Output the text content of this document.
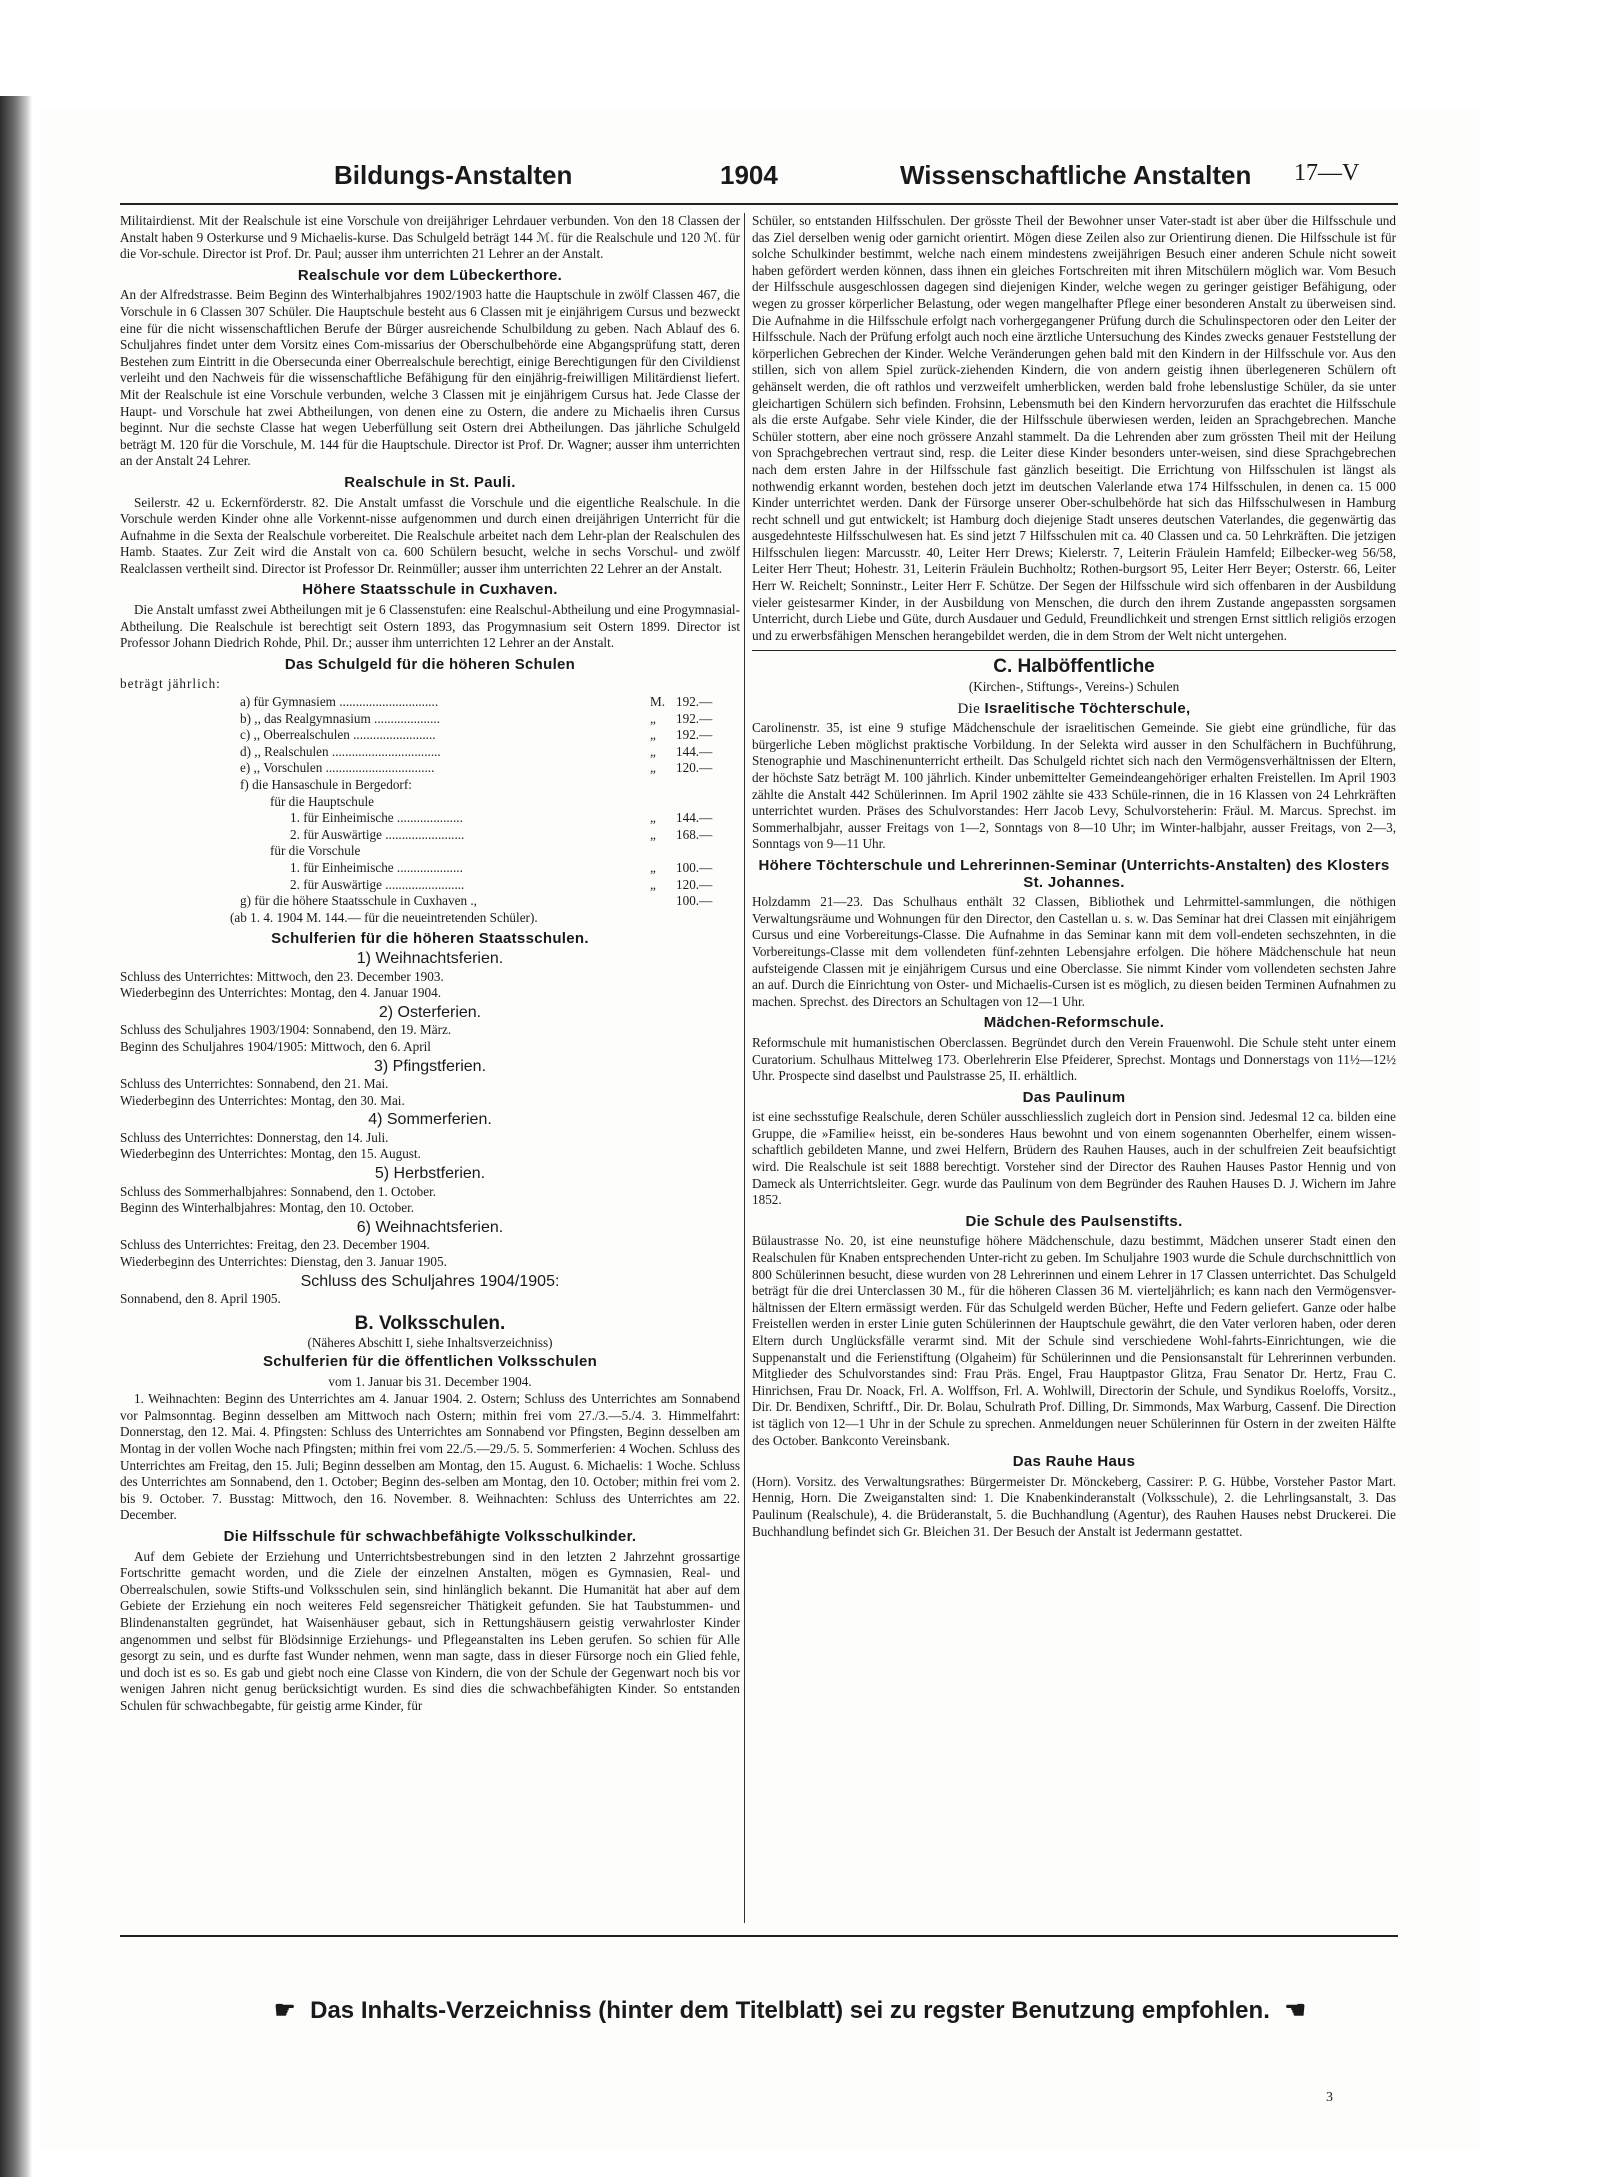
Bildungs-Anstalten	1904	Wissenschaftliche Anstalten 17—V

Militairdienst. Mit der Realschule ist eine Vorschule von dreijähriger Lehrdauer verbunden. Von den 18 Classen der Anstalt haben 9 Osterkurse und 9 Michaelis-kurse. Das Schulgeld beträgt 144 ℳ. für die Realschule und 120 ℳ. für die Vor-schule. Director ist Prof. Dr. Paul; ausser ihm unterrichten 21 Lehrer an der Anstalt.

Realschule vor dem Lübeckerthore.

An der Alfredstrasse. Beim Beginn des Winterhalbjahres 1902/1903 hatte die Hauptschule in zwölf Classen 467, die Vorschule in 6 Classen 307 Schüler. Die Hauptschule besteht aus 6 Classen mit je einjährigem Cursus und bezweckt eine für die nicht wissenschaftlichen Berufe der Bürger ausreichende Schulbildung zu geben. Nach Ablauf des 6. Schuljahres findet unter dem Vorsitz eines Com-missarius der Oberschulbehörde eine Abgangsprüfung statt, deren Bestehen zum Eintritt in die Obersecunda einer Oberrealschule berechtigt, einige Berechtigungen für den Civildienst verleiht und den Nachweis für die wissenschaftliche Befähigung für den einjährig-freiwilligen Militärdienst liefert. Mit der Realschule ist eine Vorschule verbunden, welche 3 Classen mit je einjährigem Cursus hat. Jede Classe der Haupt- und Vorschule hat zwei Abtheilungen, von denen eine zu Ostern, die andere zu Michaelis ihren Cursus beginnt. Nur die sechste Classe hat wegen Ueberfüllung seit Ostern drei Abtheilungen. Das jährliche Schulgeld beträgt M. 120 für die Vorschule, M. 144 für die Hauptschule. Director ist Prof. Dr. Wagner; ausser ihm unterrichten an der Anstalt 24 Lehrer.

Realschule in St. Pauli.

Seilerstr. 42 u. Eckernförderstr. 82. Die Anstalt umfasst die Vorschule und die eigentliche Realschule. In die Vorschule werden Kinder ohne alle Vorkennt-nisse aufgenommen und durch einen dreijährigen Unterricht für die Aufnahme in die Sexta der Realschule vorbereitet. Die Realschule arbeitet nach dem Lehr-plan der Realschulen des Hamb. Staates. Zur Zeit wird die Anstalt von ca. 600 Schülern besucht, welche in sechs Vorschul- und zwölf Realclassen vertheilt sind. Director ist Professor Dr. Reinmüller; ausser ihm unterrichten 22 Lehrer an der Anstalt.

Höhere Staatsschule in Cuxhaven.

Die Anstalt umfasst zwei Abtheilungen mit je 6 Classenstufen: eine Realschul-Abtheilung und eine Progymnasial-Abtheilung. Die Realschule ist berechtigt seit Ostern 1893, das Progymnasium seit Ostern 1899. Director ist Professor Johann Diedrich Rohde, Phil. Dr.; ausser ihm unterrichten 12 Lehrer an der Anstalt.

Das Schulgeld für die höheren Schulen
beträgt jährlich:
a) für Gymnasiem ..............................	M. 192.—
b) ,, das Realgymnasium ....................	„	192.—
c) ,, Oberrealschulen .........................	„	192.—
d) ,, Realschulen .................................	„	144.—
e) ,, Vorschulen .................................	„	120.—
f) die Hansaschule in Bergedorf:
für die Hauptschule
1. für Einheimische ....................	„	144.—
2. für Auswärtige ........................	„	168.—
für die Vorschule
1. für Einheimische ....................	„	100.—
2. für Auswärtige ........................	„	120.—
g) für die höhere Staatsschule in Cuxhaven .,	100.—
(ab 1. 4. 1904 M. 144.— für die neueintretenden Schüler).
Schulferien für die höheren Staatsschulen.
1) Weihnachtsferien.
Schluss des Unterrichtes: Mittwoch, den 23. December 1903.
Wiederbeginn des Unterrichtes: Montag, den 4. Januar 1904.
2) Osterferien.
Schluss des Schuljahres 1903/1904: Sonnabend, den 19. März.
Beginn des Schuljahres 1904/1905: Mittwoch, den 6. April
3) Pfingstferien.
Schluss des Unterrichtes: Sonnabend, den 21. Mai.
Wiederbeginn des Unterrichtes: Montag, den 30. Mai.
4) Sommerferien.
Schluss des Unterrichtes: Donnerstag, den 14. Juli.
Wiederbeginn des Unterrichtes: Montag, den 15. August.
5) Herbstferien.
Schluss des Sommerhalbjahres: Sonnabend, den 1. October.
Beginn des Winterhalbjahres: Montag, den 10. October.
6) Weihnachtsferien.
Schluss des Unterrichtes: Freitag, den 23. December 1904.
Wiederbeginn des Unterrichtes: Dienstag, den 3. Januar 1905.
Schluss des Schuljahres 1904/1905:
Sonnabend, den 8. April 1905.
B. Volksschulen.
(Näheres Abschitt I, siehe Inhaltsverzeichniss)
Schulferien für die öffentlichen Volksschulen
vom 1. Januar bis 31. December 1904.

1. Weihnachten: Beginn des Unterrichtes am 4. Januar 1904. 2. Ostern; Schluss des Unterrichtes am Sonnabend vor Palmsonntag. Beginn desselben am Mittwoch nach Ostern; mithin frei vom 27./3.—5./4. 3. Himmelfahrt: Donnerstag, den 12. Mai. 4. Pfingsten: Schluss des Unterrichtes am Sonnabend vor Pfingsten, Beginn desselben am Montag in der vollen Woche nach Pfingsten; mithin frei vom 22./5.—29./5. 5. Sommerferien: 4 Wochen. Schluss des Unterrichtes am Freitag, den 15. Juli; Beginn desselben am Montag, den 15. August. 6. Michaelis: 1 Woche. Schluss des Unterrichtes am Sonnabend, den 1. October; Beginn des-selben am Montag, den 10. October; mithin frei vom 2. bis 9. October. 7. Busstag: Mittwoch, den 16. November. 8. Weihnachten: Schluss des Unterrichtes am 22. December.

Die Hilfsschule für schwachbefähigte Volksschulkinder.

Auf dem Gebiete der Erziehung und Unterrichtsbestrebungen sind in den letzten 2 Jahrzehnt grossartige Fortschritte gemacht worden, und die Ziele der einzelnen Anstalten, mögen es Gymnasien, Real- und Oberrealschulen, sowie Stifts-und Volksschulen sein, sind hinlänglich bekannt. Die Humanität hat aber auf dem Gebiete der Erziehung ein noch weiteres Feld segensreicher Thätigkeit gefunden. Sie hat Taubstummen- und Blindenanstalten gegründet, hat Waisenhäuser gebaut, sich in Rettungshäusern geistig verwahrloster Kinder angenommen und selbst für Blödsinnige Erziehungs- und Pflegeanstalten ins Leben gerufen. So schien für Alle gesorgt zu sein, und es durfte fast Wunder nehmen, wenn man sagte, dass in dieser Fürsorge noch ein Glied fehle, und doch ist es so. Es gab und giebt noch eine Classe von Kindern, die von der Schule der Gegenwart noch bis vor wenigen Jahren nicht genug berücksichtigt wurden. Es sind dies die schwachbefähigten Kinder. So entstanden Schulen für schwachbegabte, für geistig arme Kinder, für

Schüler, so entstanden Hilfsschulen. Der grösste Theil der Bewohner unser Vater-stadt ist aber über die Hilfsschule und das Ziel derselben wenig oder garnicht orientirt. Mögen diese Zeilen also zur Orientirung dienen. Die Hilfsschule ist für solche Schulkinder bestimmt, welche nach einem mindestens zweijährigen Besuch einer anderen Schule nicht soweit haben gefördert werden können, dass ihnen ein gleiches Fortschreiten mit ihren Mitschülern möglich war. Vom Besuch der Hilfsschule ausgeschlossen dagegen sind diejenigen Kinder, welche wegen zu geringer geistiger Befähigung, oder wegen zu grosser körperlicher Belastung, oder wegen mangelhafter Pflege einer besonderen Anstalt zu überweisen sind. Die Aufnahme in die Hilfsschule erfolgt nach vorhergegangener Prüfung durch die Schulinspectoren oder den Leiter der Hilfsschule. Nach der Prüfung erfolgt auch noch eine ärztliche Untersuchung des Kindes zwecks genauer Feststellung der körperlichen Gebrechen der Kinder. Welche Veränderungen gehen bald mit den Kindern in der Hilfsschule vor. Aus den stillen, sich von allem Spiel zurück-ziehenden Kindern, die von andern geistig ihnen überlegeneren Schülern oft gehänselt werden, die oft rathlos und verzweifelt umherblicken, werden bald frohe lebenslustige Schüler, da sie unter gleichartigen Schülern sich befinden. Frohsinn, Lebensmuth bei den Kindern hervorzurufen das erachtet die Hilfsschule als die erste Aufgabe. Sehr viele Kinder, die der Hilfsschule überwiesen werden, leiden an Sprachgebrechen. Manche Schüler stottern, aber eine noch grössere Anzahl stammelt. Da die Lehrenden aber zum grössten Theil mit der Heilung von Sprachgebrechen vertraut sind, resp. die Leiter diese Kinder besonders unter-weisen, sind diese Sprachgebrechen nach dem ersten Jahre in der Hilfsschule fast gänzlich beseitigt. Die Errichtung von Hilfsschulen ist längst als nothwendig erkannt worden, bestehen doch jetzt im deutschen Valerlande etwa 174 Hilfsschulen, in denen ca. 15 000 Kinder unterrichtet werden. Dank der Fürsorge unserer Ober-schulbehörde hat sich das Hilfsschulwesen in Hamburg recht schnell und gut entwickelt; ist Hamburg doch diejenige Stadt unseres deutschen Vaterlandes, die gegenwärtig das ausgedehnteste Hilfsschulwesen hat. Es sind jetzt 7 Hilfsschulen mit ca. 40 Classen und ca. 50 Lehrkräften. Die jetzigen Hilfsschulen liegen: Marcusstr. 40, Leiter Herr Drews; Kielerstr. 7, Leiterin Fräulein Hamfeld; Eilbecker-weg 56/58, Leiter Herr Theut; Hohestr. 31, Leiterin Fräulein Buchholtz; Rothen-burgsort 95, Leiter Herr Beyer; Osterstr. 66, Leiter Herr W. Reichelt; Sonninstr., Leiter Herr F. Schütze. Der Segen der Hilfsschule wird sich offenbaren in der Ausbildung vieler geistesarmer Kinder, in der Ausbildung von Menschen, die durch den ihrem Zustande angepassten sorgsamen Unterricht, durch Liebe und Güte, durch Ausdauer und Geduld, Freundlichkeit und strengen Ernst sittlich religiös erzogen und zu erwerbsfähigen Menschen herangebildet werden, die in dem Strom der Welt nicht untergehen.

C. Halböffentliche
(Kirchen-, Stiftungs-, Vereins-) Schulen
Die Israelitische Töchterschule,

Carolinenstr. 35, ist eine 9 stufige Mädchenschule der israelitischen Gemeinde. Sie giebt eine gründliche, für das bürgerliche Leben möglichst praktische Vorbildung. In der Selekta wird ausser in den Schulfächern in Buchführung, Stenographie und Maschinenunterricht ertheilt. Das Schulgeld richtet sich nach den Vermögensverhältnissen der Eltern, der höchste Satz beträgt M. 100 jährlich. Kinder unbemittelter Gemeindeangehöriger erhalten Freistellen. Im April 1903 zählte die Anstalt 442 Schülerinnen. Im April 1902 zählte sie 433 Schüle-rinnen, die in 16 Klassen von 24 Lehrkräften unterrichtet wurden. Präses des Schulvorstandes: Herr Jacob Levy, Schulvorsteherin: Fräul. M. Marcus. Sprechst. im Sommerhalbjahr, ausser Freitags von 1—2, Sonntags von 8—10 Uhr; im Winter-halbjahr, ausser Freitags, von 2—3, Sonntags von 9—11 Uhr.

Höhere Töchterschule und Lehrerinnen-Seminar (Unterrichts-Anstalten) des Klosters St. Johannes.

Holzdamm 21—23. Das Schulhaus enthält 32 Classen, Bibliothek und Lehrmittel-sammlungen, die nöthigen Verwaltungsräume und Wohnungen für den Director, den Castellan u. s. w. Das Seminar hat drei Classen mit einjährigem Cursus und eine Vorbereitungs-Classe. Die Aufnahme in das Seminar kann mit dem voll-endeten sechszehnten, in die Vorbereitungs-Classe mit dem vollendeten fünf-zehnten Lebensjahre erfolgen. Die höhere Mädchenschule hat neun aufsteigende Classen mit je einjährigem Cursus und eine Oberclasse. Sie nimmt Kinder vom vollendeten sechsten Jahre an auf. Durch die Einrichtung von Oster- und Michaelis-Cursen ist es möglich, zu diesen beiden Terminen Aufnahmen zu machen. Sprechst. des Directors an Schultagen von 12—1 Uhr.

Mädchen-Reformschule.

Reformschule mit humanistischen Oberclassen. Begründet durch den Verein Frauenwohl. Die Schule steht unter einem Curatorium. Schulhaus Mittelweg 173. Oberlehrerin Else Pfeiderer, Sprechst. Montags und Donnerstags von 11½—12½ Uhr. Prospecte sind daselbst und Paulstrasse 25, II. erhältlich.

Das Paulinum

ist eine sechsstufige Realschule, deren Schüler ausschliesslich zugleich dort in Pension sind. Jedesmal 12 ca. bilden eine Gruppe, die »Familie« heisst, ein be-sonderes Haus bewohnt und von einem sogenannten Oberhelfer, einem wissen-schaftlich gebildeten Manne, und zwei Helfern, Brüdern des Rauhen Hauses, auch in der schulfreien Zeit beaufsichtigt wird. Die Realschule ist seit 1888 berechtigt. Vorsteher sind der Director des Rauhen Hauses Pastor Hennig und von Dameck als Unterrichtsleiter. Gegr. wurde das Paulinum von dem Begründer des Rauhen Hauses D. J. Wichern im Jahre 1852.

Die Schule des Paulsenstifts.

Bülaustrasse No. 20, ist eine neunstufige höhere Mädchenschule, dazu bestimmt, Mädchen unserer Stadt einen den Realschulen für Knaben entsprechenden Unter-richt zu geben. Im Schuljahre 1903 wurde die Schule durchschnittlich von 800 Schülerinnen besucht, diese wurden von 28 Lehrerinnen und einem Lehrer in 17 Classen unterrichtet. Das Schulgeld beträgt für die drei Unterclassen 30 M., für die höheren Classen 36 M. vierteljährlich; es kann nach den Vermögensver-hältnissen der Eltern ermässigt werden. Für das Schulgeld werden Bücher, Hefte und Federn geliefert. Ganze oder halbe Freistellen werden in erster Linie guten Schülerinnen der Hauptschule gewährt, die den Vater verloren haben, oder deren Eltern durch Unglücksfälle verarmt sind. Mit der Schule sind verschiedene Wohl-fahrts-Einrichtungen, wie die Suppenanstalt und die Ferienstiftung (Olgaheim) für Schülerinnen und die Pensionsanstalt für Lehrerinnen verbunden. Mitglieder des Schulvorstandes sind: Frau Präs. Engel, Frau Hauptpastor Glitza, Frau Senator Dr. Hertz, Frau C. Hinrichsen, Frau Dr. Noack, Frl. A. Wolffson, Frl. A. Wohlwill, Directorin der Schule, und Syndikus Roeloffs, Vorsitz., Dir. Dr. Bendixen, Schriftf., Dir. Dr. Bolau, Schulrath Prof. Dilling, Dr. Simmonds, Max Warburg, Cassenf. Die Direction ist täglich von 12—1 Uhr in der Schule zu sprechen. Anmeldungen neuer Schülerinnen für Ostern in der zweiten Hälfte des October. Bankconto Vereinsbank.

Das Rauhe Haus

(Horn). Vorsitz. des Verwaltungsrathes: Bürgermeister Dr. Mönckeberg, Cassirer: P. G. Hübbe, Vorsteher Pastor Mart. Hennig, Horn. Die Zweiganstalten sind: 1. Die Knabenkinderanstalt (Volksschule), 2. die Lehrlingsanstalt, 3. Das Paulinum (Realschule), 4. die Brüderanstalt, 5. die Buchhandlung (Agentur), des Rauhen Hauses nebst Druckerei. Die Buchhandlung befindet sich Gr. Bleichen 31. Der Besuch der Anstalt ist Jedermann gestattet.

☛ Das Inhalts-Verzeichniss (hinter dem Titelblatt) sei zu regster Benutzung empfohlen. ☚
3
